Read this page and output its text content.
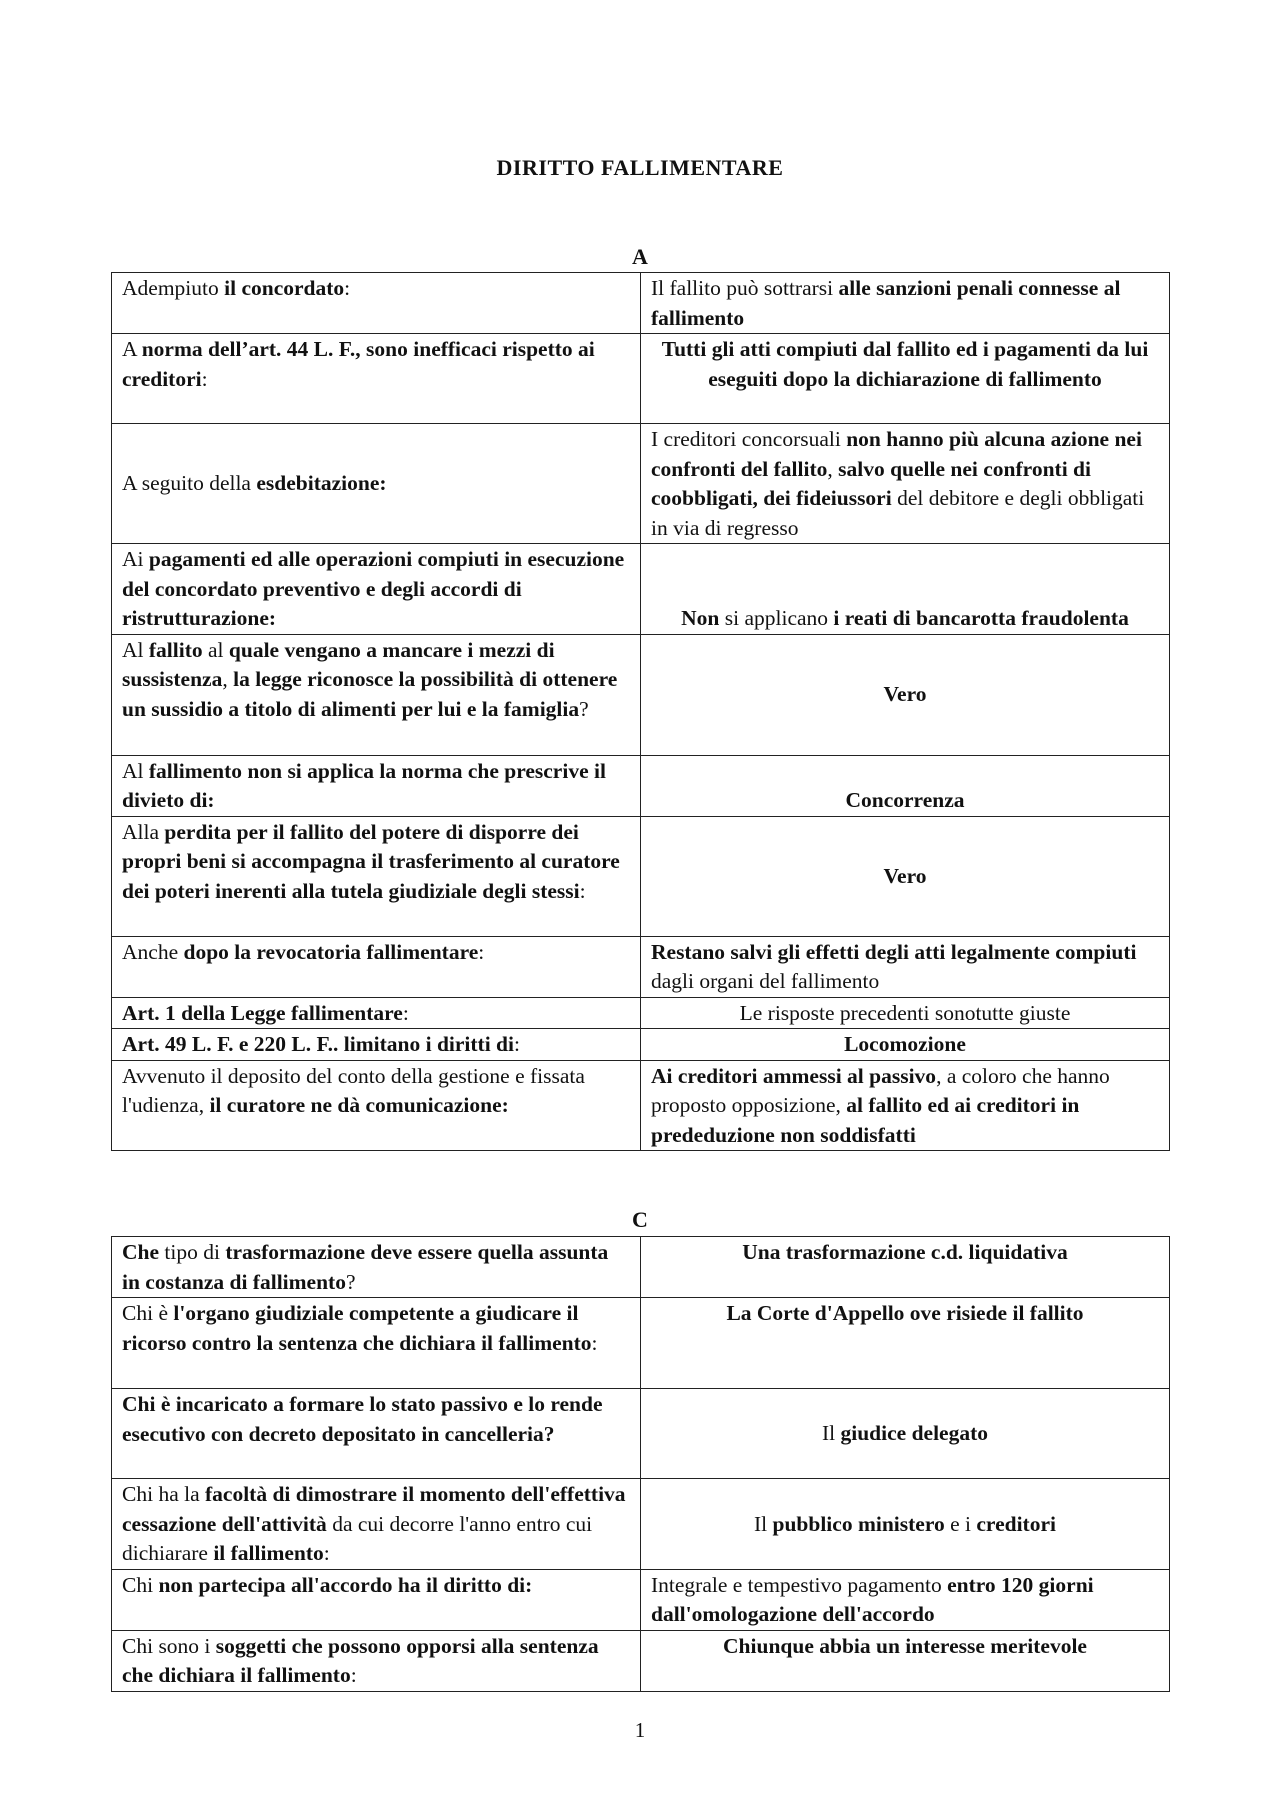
DIRITTO FALLIMENTARE
A
Adempiuto il concordato:	Il fallito può sottrarsi alle sanzioni penali connesse al fallimento
A norma dell’art. 44 L. F., sono inefficaci rispetto ai creditori:	Tutti gli atti compiuti dal fallito ed i pagamenti da lui eseguiti dopo la dichiarazione di fallimento
A seguito della esdebitazione:	I creditori concorsuali non hanno più alcuna azione nei confronti del fallito, salvo quelle nei confronti di coobbligati, dei fideiussori del debitore e degli obbligati in via di regresso
Ai pagamenti ed alle operazioni compiuti in esecuzione del concordato preventivo e degli accordi di ristrutturazione:	Non si applicano i reati di bancarotta fraudolenta
Al fallito al quale vengano a mancare i mezzi di sussistenza, la legge riconosce la possibilità di ottenere un sussidio a titolo di alimenti per lui e la famiglia?	Vero
Al fallimento non si applica la norma che prescrive il divieto di:	Concorrenza
Alla perdita per il fallito del potere di disporre dei propri beni si accompagna il trasferimento al curatore dei poteri inerenti alla tutela giudiziale degli stessi:	Vero
Anche dopo la revocatoria fallimentare:	Restano salvi gli effetti degli atti legalmente compiuti dagli organi del fallimento
Art. 1 della Legge fallimentare:	Le risposte precedenti sonotutte giuste
Art. 49 L. F. e 220 L. F.. limitano i diritti di:	Locomozione
Avvenuto il deposito del conto della gestione e fissata l'udienza, il curatore ne dà comunicazione:	Ai creditori ammessi al passivo, a coloro che hanno proposto opposizione, al fallito ed ai creditori in prededuzione non soddisfatti
C
Che tipo di trasformazione deve essere quella assunta in costanza di fallimento?	Una trasformazione c.d. liquidativa
Chi è l'organo giudiziale competente a giudicare il ricorso contro la sentenza che dichiara il fallimento:	La Corte d'Appello ove risiede il fallito
Chi è incaricato a formare lo stato passivo e lo rende esecutivo con decreto depositato in cancelleria?	Il giudice delegato
Chi ha la facoltà di dimostrare il momento dell'effettiva cessazione dell'attività da cui decorre l'anno entro cui dichiarare il fallimento:	Il pubblico ministero e i creditori
Chi non partecipa all'accordo ha il diritto di:	Integrale e tempestivo pagamento entro 120 giorni dall'omologazione dell'accordo
Chi sono i soggetti che possono opporsi alla sentenza che dichiara il fallimento:	Chiunque abbia un interesse meritevole
1
